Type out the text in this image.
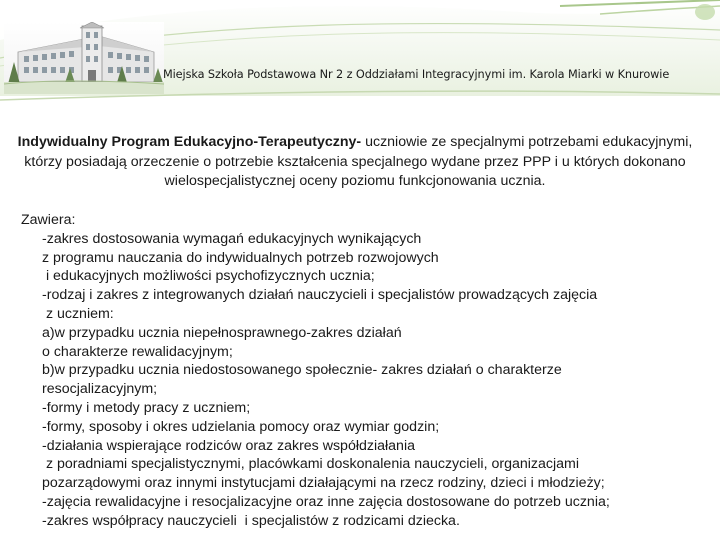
Miejska Szkoła Podstawowa Nr 2 z Oddziałami Integracyjnymi im. Karola Miarki w Knurowie
Indywidualny Program Edukacyjno-Terapeutyczny- uczniowie ze specjalnymi potrzebami edukacyjnymi, którzy posiadają orzeczenie o potrzebie kształcenia specjalnego wydane przez PPP i u których dokonano wielospecjalistycznej oceny poziomu funkcjonowania ucznia.
Zawiera:
-zakres dostosowania wymagań edukacyjnych wynikających
z programu nauczania do indywidualnych potrzeb rozwojowych
i edukacyjnych możliwości psychofizycznych ucznia;
-rodzaj i zakres z integrowanych działań nauczycieli i specjalistów prowadzących zajęcia
z uczniem:
a)w przypadku ucznia niepełnosprawnego-zakres działań
o charakterze rewalidacyjnym;
b)w przypadku ucznia niedostosowanego społecznie- zakres działań o charakterze
resocjalizacyjnym;
-formy i metody pracy z uczniem;
-formy, sposoby i okres udzielania pomocy oraz wymiar godzin;
-działania wspierające rodziców oraz zakres współdziałania
z poradniami specjalistycznymi, placówkami doskonalenia nauczycieli, organizacjami
pozarządowymi oraz innymi instytucjami działającymi na rzecz rodziny, dzieci i młodzieży;
-zajęcia rewalidacyjne i resocjalizacyjne oraz inne zajęcia dostosowane do potrzeb ucznia;
-zakres współpracy nauczycieli  i specjalistów z rodzicami dziecka.
